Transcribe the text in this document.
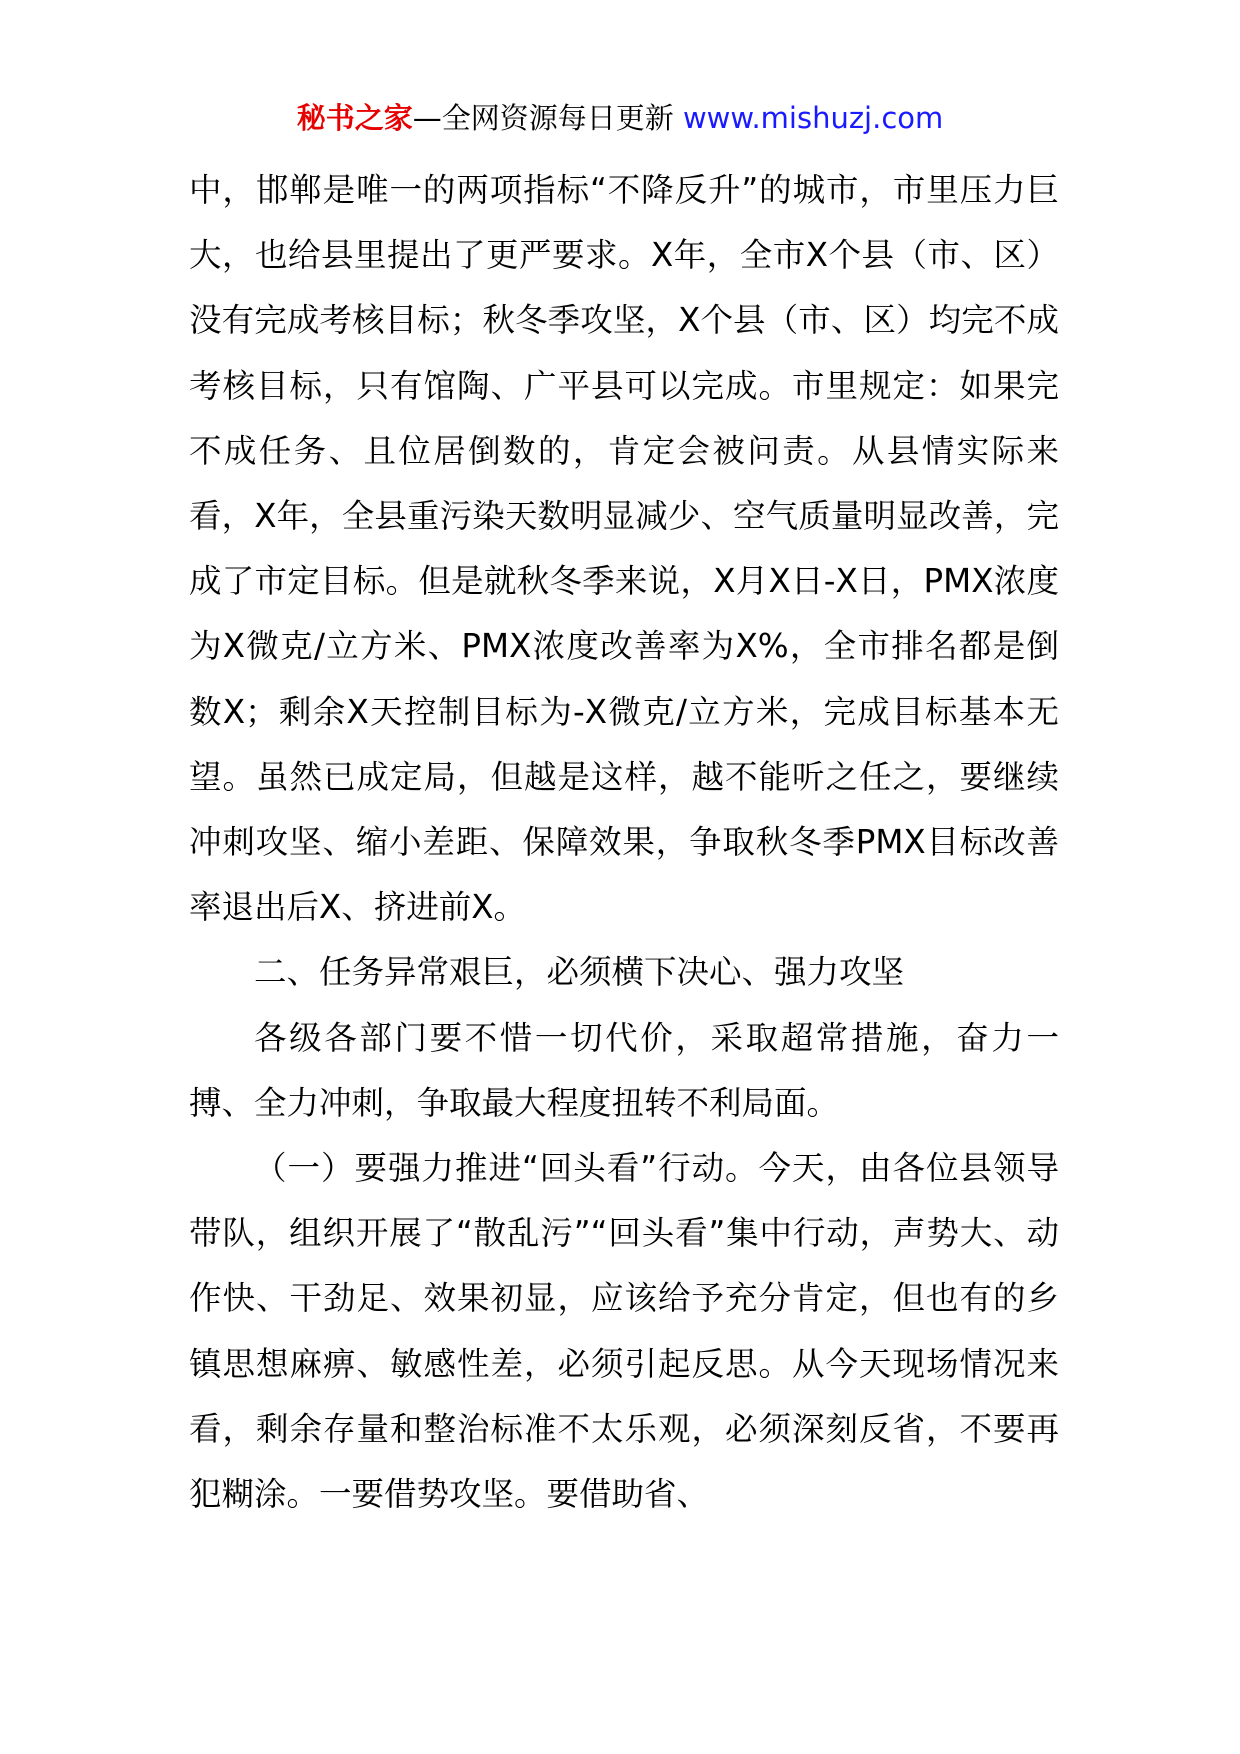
秘书之家—全网资源每日更新 www.mishuzj.com

中，邯郸是唯一的两项指标“不降反升”的城市，市里压力巨大，也给县里提出了更严要求。X年，全市X个县（市、区）没有完成考核目标；秋冬季攻坚，X个县（市、区）均完不成考核目标，只有馆陶、广平县可以完成。市里规定：如果完不成任务、且位居倒数的，肯定会被问责。从县情实际来看，X年，全县重污染天数明显减少、空气质量明显改善，完成了市定目标。但是就秋冬季来说，X月X日-X日，PMX浓度为X微克/立方米、PMX浓度改善率为X%，全市排名都是倒数X；剩余X天控制目标为-X微克/立方米，完成目标基本无望。虽然已成定局，但越是这样，越不能听之任之，要继续冲刺攻坚、缩小差距、保障效果，争取秋冬季PMX目标改善率退出后X、挤进前X。

二、任务异常艰巨，必须横下决心、强力攻坚

各级各部门要不惜一切代价，采取超常措施，奋力一搏、全力冲刺，争取最大程度扭转不利局面。

（一）要强力推进“回头看”行动。今天，由各位县领导带队，组织开展了“散乱污”“回头看”集中行动，声势大、动作快、干劲足、效果初显，应该给予充分肯定，但也有的乡镇思想麻痹、敏感性差，必须引起反思。从今天现场情况来看，剩余存量和整治标准不太乐观，必须深刻反省，不要再犯糊涂。一要借势攻坚。要借助省、
